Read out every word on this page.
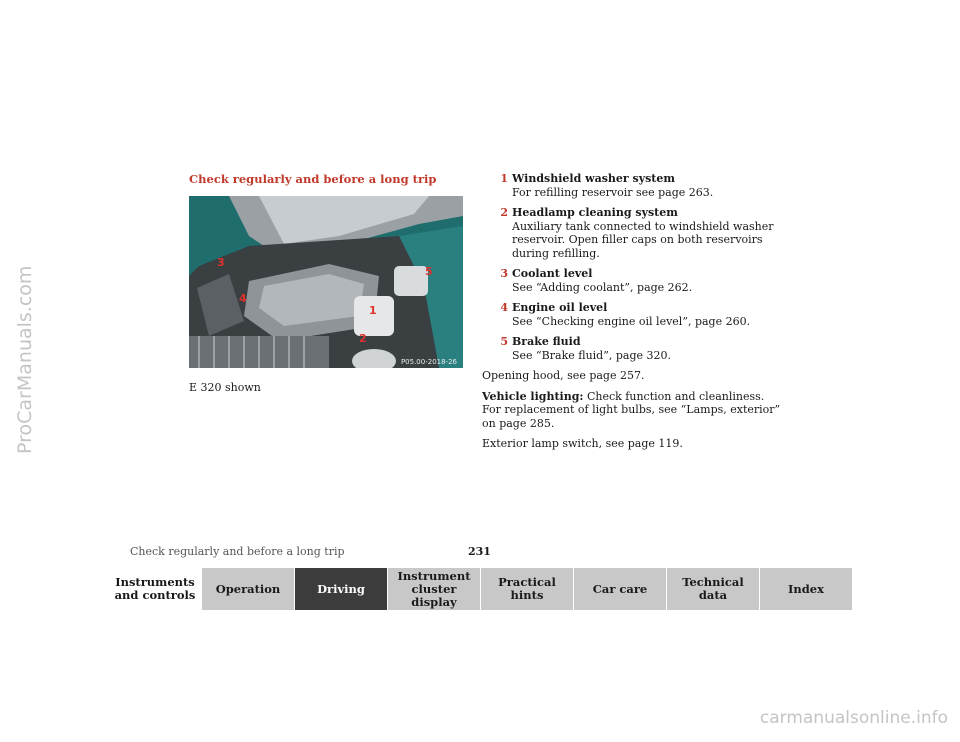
ProCarManuals.com
carmanualsonline.info
Check regularly and before a long trip
1
2
3
4
5
P05.00-2018-26
E 320 shown
1 Windshield washer system
For refilling reservoir see page 263.
2 Headlamp cleaning system
Auxiliary tank connected to windshield washer reservoir. Open filler caps on both reservoirs during refilling.
3 Coolant level
See “Adding coolant”, page 262.
4 Engine oil level
See “Checking engine oil level”, page 260.
5 Brake fluid
See “Brake fluid”, page 320.
Opening hood, see page 257.
Vehicle lighting: Check function and cleanliness. For replacement of light bulbs, see “Lamps, exterior” on page 285.
Exterior lamp switch, see page 119.
Check regularly and before a long trip	231
Instruments
and controls	Operation	Driving
Instrument
cluster display
Practical hints	Car care	Technical
data	Index
